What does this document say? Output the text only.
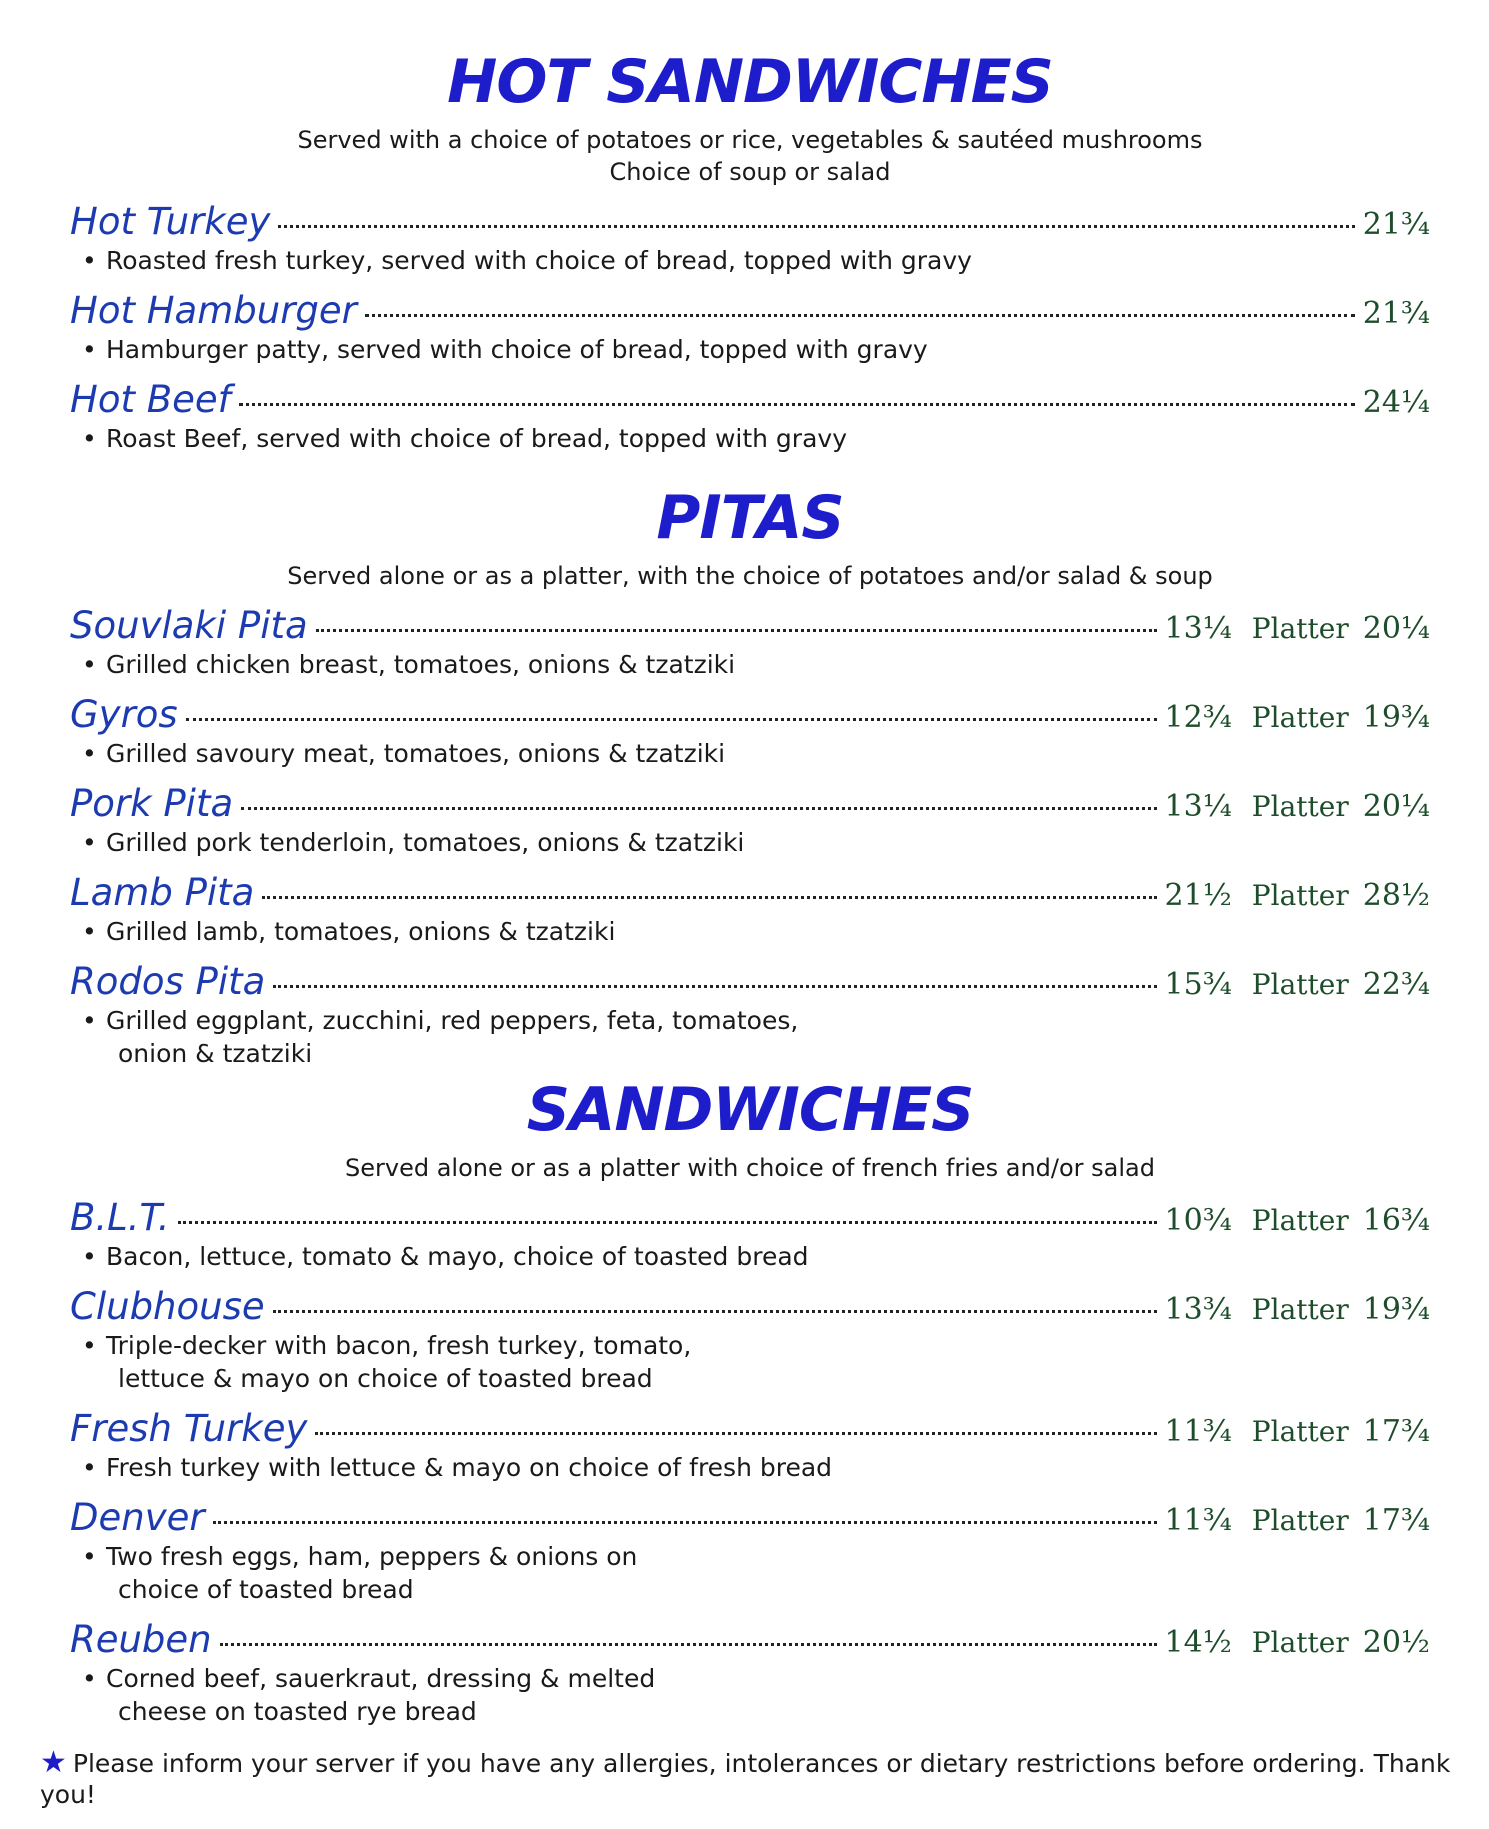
HOT SANDWICHES
Served with a choice of potatoes or rice, vegetables & sautéed mushrooms
Choice of soup or salad
Hot Turkey	21¾
• Roasted fresh turkey, served with choice of bread, topped with gravy
Hot Hamburger	21¾
• Hamburger patty, served with choice of bread, topped with gravy
Hot Beef	24¼
• Roast Beef, served with choice of bread, topped with gravy
PITAS
Served alone or as a platter, with the choice of potatoes and/or salad & soup
Souvlaki Pita	13¼ Platter 20¼
• Grilled chicken breast, tomatoes, onions & tzatziki
Gyros	12¾ Platter 19¾
• Grilled savoury meat, tomatoes, onions & tzatziki
Pork Pita	13¼ Platter 20¼
• Grilled pork tenderloin, tomatoes, onions & tzatziki
Lamb Pita	21½ Platter 28½
• Grilled lamb, tomatoes, onions & tzatziki
Rodos Pita	15¾ Platter 22¾
• Grilled eggplant, zucchini, red peppers, feta, tomatoes,
onion & tzatziki
SANDWICHES
Served alone or as a platter with choice of french fries and/or salad
B.L.T.	10¾ Platter 16¾
• Bacon, lettuce, tomato & mayo, choice of toasted bread
Clubhouse	13¾ Platter 19¾
• Triple-decker with bacon, fresh turkey, tomato,
lettuce & mayo on choice of toasted bread
Fresh Turkey	11¾ Platter 17¾
• Fresh turkey with lettuce & mayo on choice of fresh bread
Denver	11¾ Platter 17¾
• Two fresh eggs, ham, peppers & onions on
choice of toasted bread
Reuben	14½ Platter 20½
• Corned beef, sauerkraut, dressing & melted
cheese on toasted rye bread
★ Please inform your server if you have any allergies, intolerances or dietary restrictions before ordering. Thank you!
